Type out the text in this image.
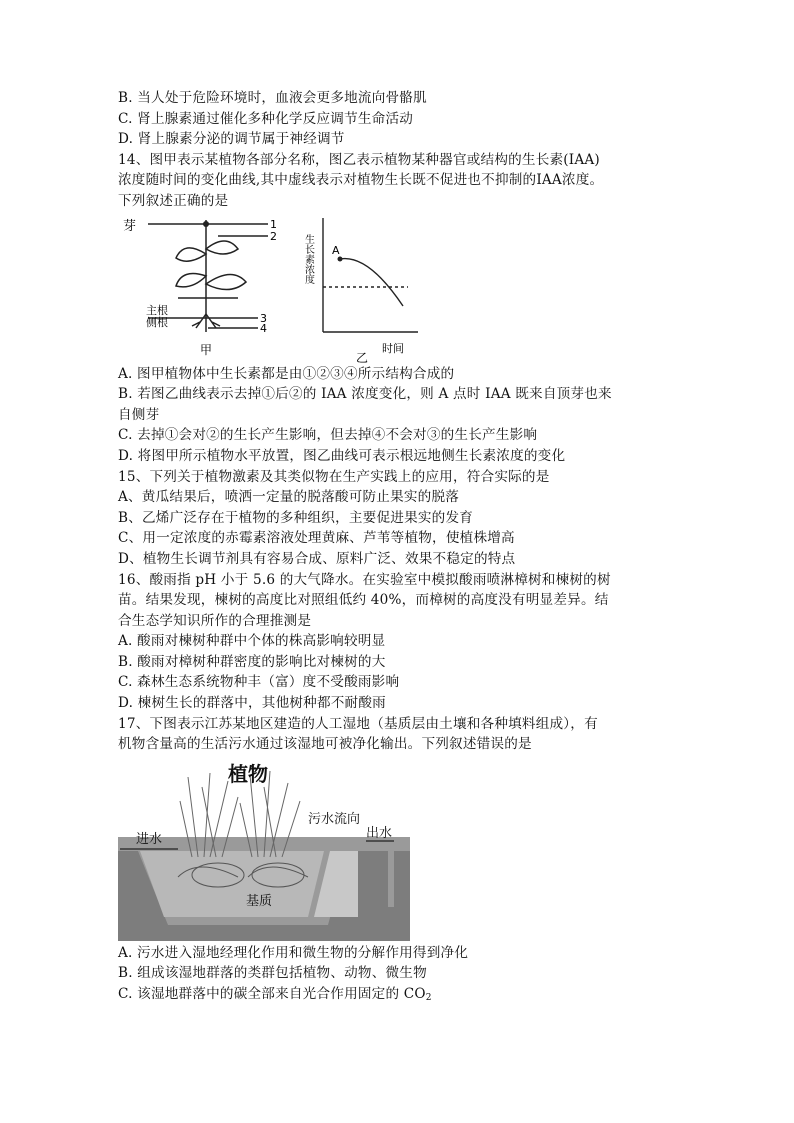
B. 当人处于危险环境时，血液会更多地流向骨骼肌
C. 肾上腺素通过催化多种化学反应调节生命活动
D. 肾上腺素分泌的调节属于神经调节
14、图甲表示某植物各部分名称，图乙表示植物某种器官或结构的生长素(IAA)
浓度随时间的变化曲线,其中虚线表示对植物生长既不促进也不抑制的IAA浓度。
下列叙述正确的是
芽
主根
侧根
1
2
3
4
甲
生长素浓度 A
时间
乙
A. 图甲植物体中生长素都是由①②③④所示结构合成的
B. 若图乙曲线表示去掉①后②的 IAA 浓度变化，则 A 点时 IAA 既来自顶芽也来
自侧芽
C. 去掉①会对②的生长产生影响，但去掉④不会对③的生长产生影响
D. 将图甲所示植物水平放置，图乙曲线可表示根远地侧生长素浓度的变化
15、下列关于植物激素及其类似物在生产实践上的应用，符合实际的是
A、黄瓜结果后，喷洒一定量的脱落酸可防止果实的脱落
B、乙烯广泛存在于植物的多种组织，主要促进果实的发育
C、用一定浓度的赤霉素溶液处理黄麻、芦苇等植物，使植株增高
D、植物生长调节剂具有容易合成、原料广泛、效果不稳定的特点
16、酸雨指 pH 小于 5.6 的大气降水。在实验室中模拟酸雨喷淋樟树和楝树的树
苗。结果发现，楝树的高度比对照组低约 40%，而樟树的高度没有明显差异。结
合生态学知识所作的合理推测是
A. 酸雨对楝树种群中个体的株高影响较明显
B. 酸雨对樟树种群密度的影响比对楝树的大
C. 森林生态系统物种丰（富）度不受酸雨影响
D. 楝树生长的群落中，其他树种都不耐酸雨
17、下图表示江苏某地区建造的人工湿地（基质层由土壤和各种填料组成），有
机物含量高的生活污水通过该湿地可被净化输出。下列叙述错误的是
植物
污水流向
进水	出水
基质
A. 污水进入湿地经理化作用和微生物的分解作用得到净化
B. 组成该湿地群落的类群包括植物、动物、微生物
C. 该湿地群落中的碳全部来自光合作用固定的 $CO_2$
